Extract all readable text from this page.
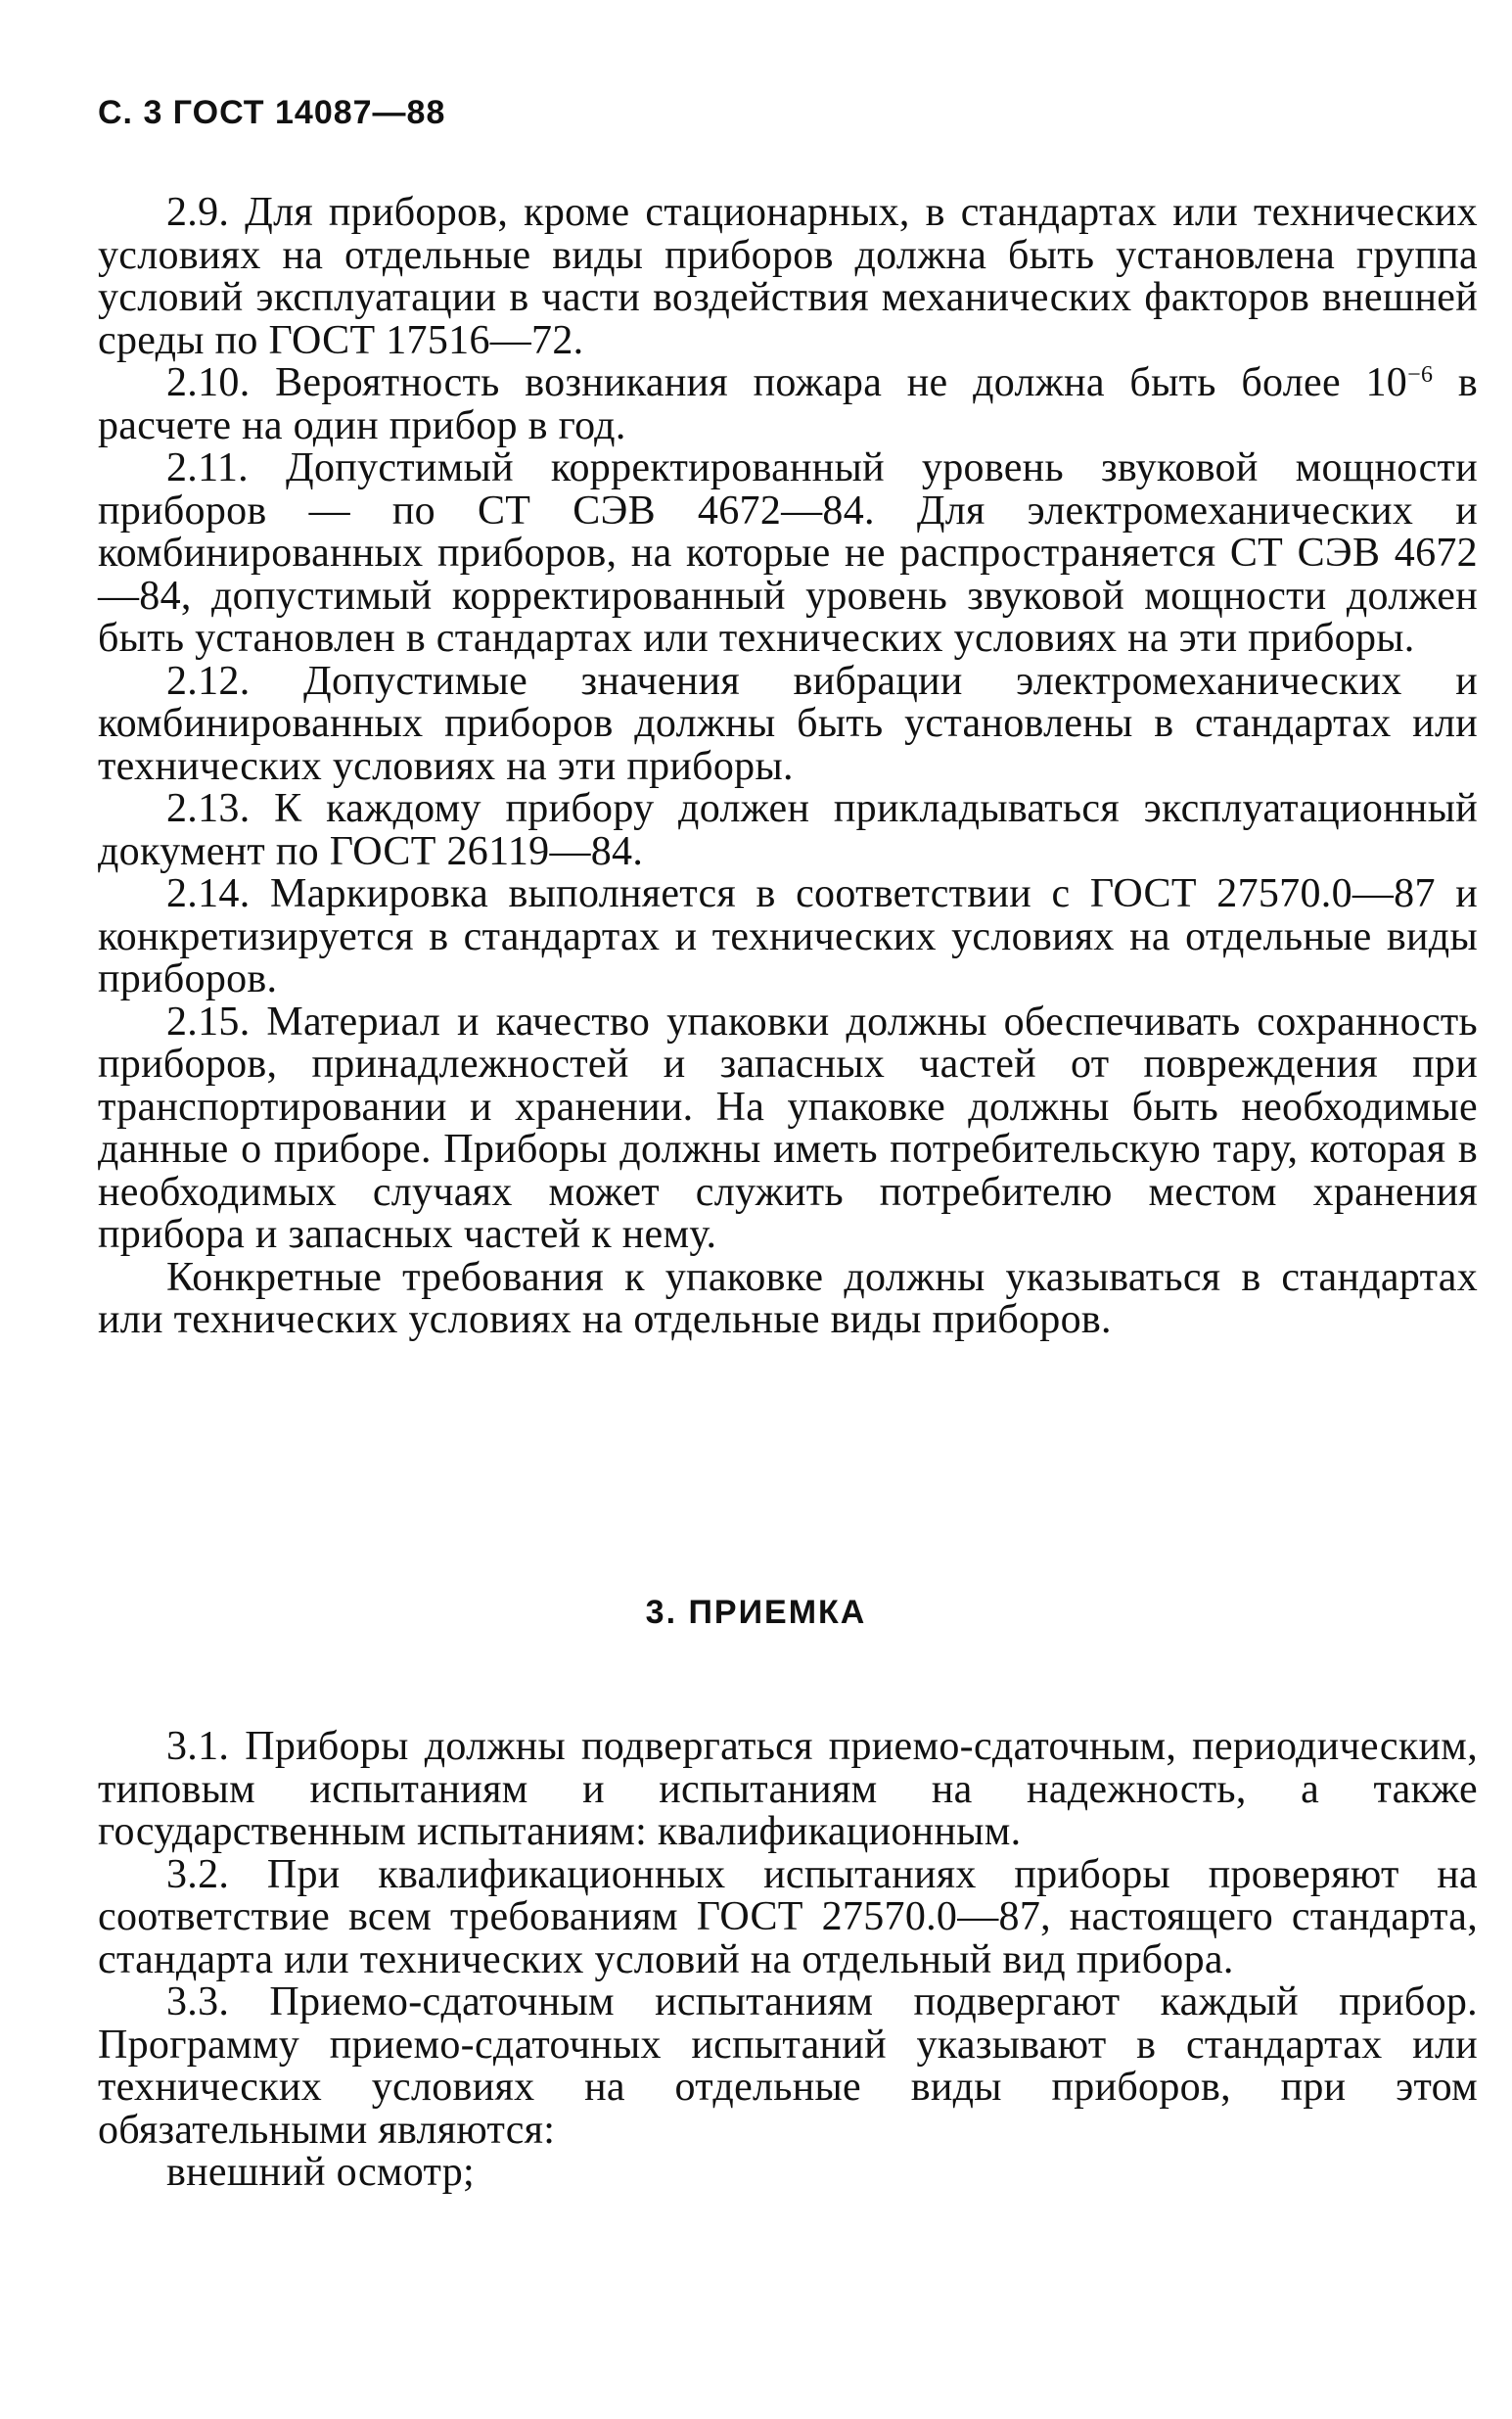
С. 3 ГОСТ 14087—88

2.9. Для приборов, кроме стационарных, в стандартах или технических условиях на отдельные виды приборов должна быть установлена группа условий эксплуатации в части воздействия механических факторов внешней среды по ГОСТ 17516—72.

2.10. Вероятность возникания пожара не должна быть более $10^{-6}$ в расчете на один прибор в год.

2.11. Допустимый корректированный уровень звуковой мощности приборов — по СТ СЭВ 4672—84. Для электромеханических и комбинированных приборов, на которые не распространяется СТ СЭВ 4672—84, допустимый корректированный уровень звуковой мощности должен быть установлен в стандартах или технических условиях на эти приборы.

2.12. Допустимые значения вибрации электромеханических и комбинированных приборов должны быть установлены в стандартах или технических условиях на эти приборы.

2.13. К каждому прибору должен прикладываться эксплуатационный документ по ГОСТ 26119—84.

2.14. Маркировка выполняется в соответствии с ГОСТ 27570.0—87 и конкретизируется в стандартах и технических условиях на отдельные виды приборов.

2.15. Материал и качество упаковки должны обеспечивать сохранность приборов, принадлежностей и запасных частей от повреждения при транспортировании и хранении. На упаковке должны быть необходимые данные о приборе. Приборы должны иметь потребительскую тару, которая в необходимых случаях может служить потребителю местом хранения прибора и запасных частей к нему.

Конкретные требования к упаковке должны указываться в стандартах или технических условиях на отдельные виды приборов.

3. ПРИЕМКА

3.1. Приборы должны подвергаться приемо-сдаточным, периодическим, типовым испытаниям и испытаниям на надежность, а также государственным испытаниям: квалификационным.

3.2. При квалификационных испытаниях приборы проверяют на соответствие всем требованиям ГОСТ 27570.0—87, настоящего стандарта, стандарта или технических условий на отдельный вид прибора.

3.3. Приемо-сдаточным испытаниям подвергают каждый прибор. Программу приемо-сдаточных испытаний указывают в стандартах или технических условиях на отдельные виды приборов, при этом обязательными являются:

внешний осмотр;
